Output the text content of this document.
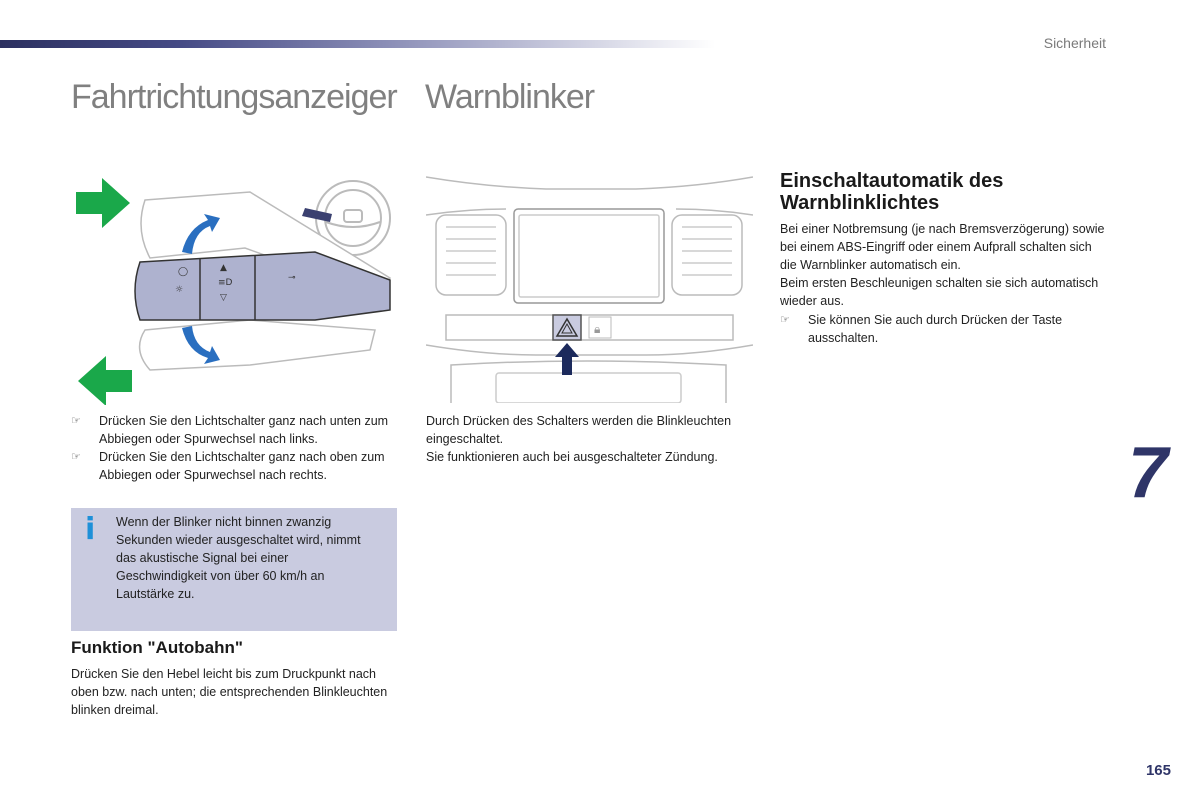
Sicherheit
Fahrtrichtungsanzeiger Warnblinker
◯
☼
▲
≡D
▽
⊸
🔒︎
☞ Drücken Sie den Lichtschalter ganz nach unten zum Abbiegen oder Spurwechsel nach links.
☞ Drücken Sie den Lichtschalter ganz nach oben zum Abbiegen oder Spurwechsel nach rechts.
Durch Drücken des Schalters werden die Blinkleuchten eingeschaltet.
Sie funktionieren auch bei ausgeschalteter Zündung.
i Wenn der Blinker nicht binnen zwanzig Sekunden wieder ausgeschaltet wird, nimmt das akustische Signal bei einer Geschwindigkeit von über 60 km/h an Lautstärke zu.
Funktion "Autobahn"
Drücken Sie den Hebel leicht bis zum Druckpunkt nach oben bzw. nach unten; die entsprechenden Blinkleuchten blinken dreimal.
Einschaltautomatik des Warnblinklichtes
Bei einer Notbremsung (je nach Bremsverzögerung) sowie bei einem ABS-Eingriff oder einem Aufprall schalten sich die Warnblinker automatisch ein.
Beim ersten Beschleunigen schalten sie sich automatisch wieder aus.
☞ Sie können Sie auch durch Drücken der Taste ausschalten.
7
165
